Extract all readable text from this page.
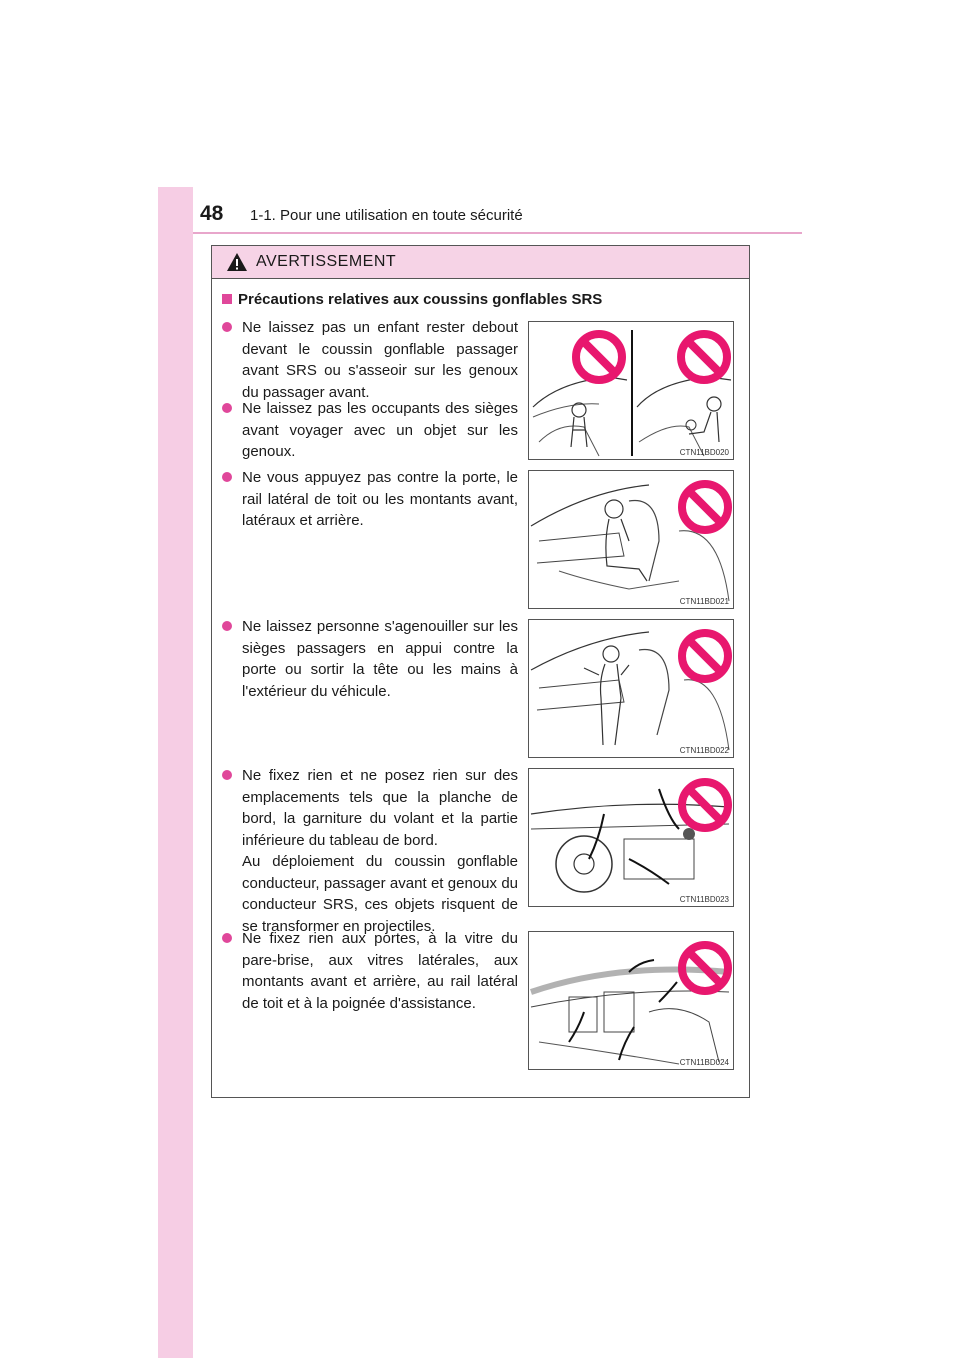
48 1-1. Pour une utilisation en toute sécurité
AVERTISSEMENT
Précautions relatives aux coussins gonflables SRS
Ne laissez pas un enfant rester debout devant le coussin gonflable passager avant SRS ou s'asseoir sur les genoux du passager avant.
Ne laissez pas les occupants des sièges avant voyager avec un objet sur les genoux.
Ne vous appuyez pas contre la porte, le rail latéral de toit ou les montants avant, latéraux et arrière.
Ne laissez personne s'agenouiller sur les sièges passagers en appui contre la porte ou sortir la tête ou les mains à l'extérieur du véhicule.
Ne fixez rien et ne posez rien sur des emplacements tels que la planche de bord, la garniture du volant et la partie inférieure du tableau de bord.
Au déploiement du coussin gonflable conducteur, passager avant et genoux du conducteur SRS, ces objets risquent de se transformer en projectiles.
Ne fixez rien aux portes, à la vitre du pare-brise, aux vitres latérales, aux montants avant et arrière, au rail latéral de toit et à la poignée d'assistance.
CTN11BD020
CTN11BD021
CTN11BD022
CTN11BD023
CTN11BD024
